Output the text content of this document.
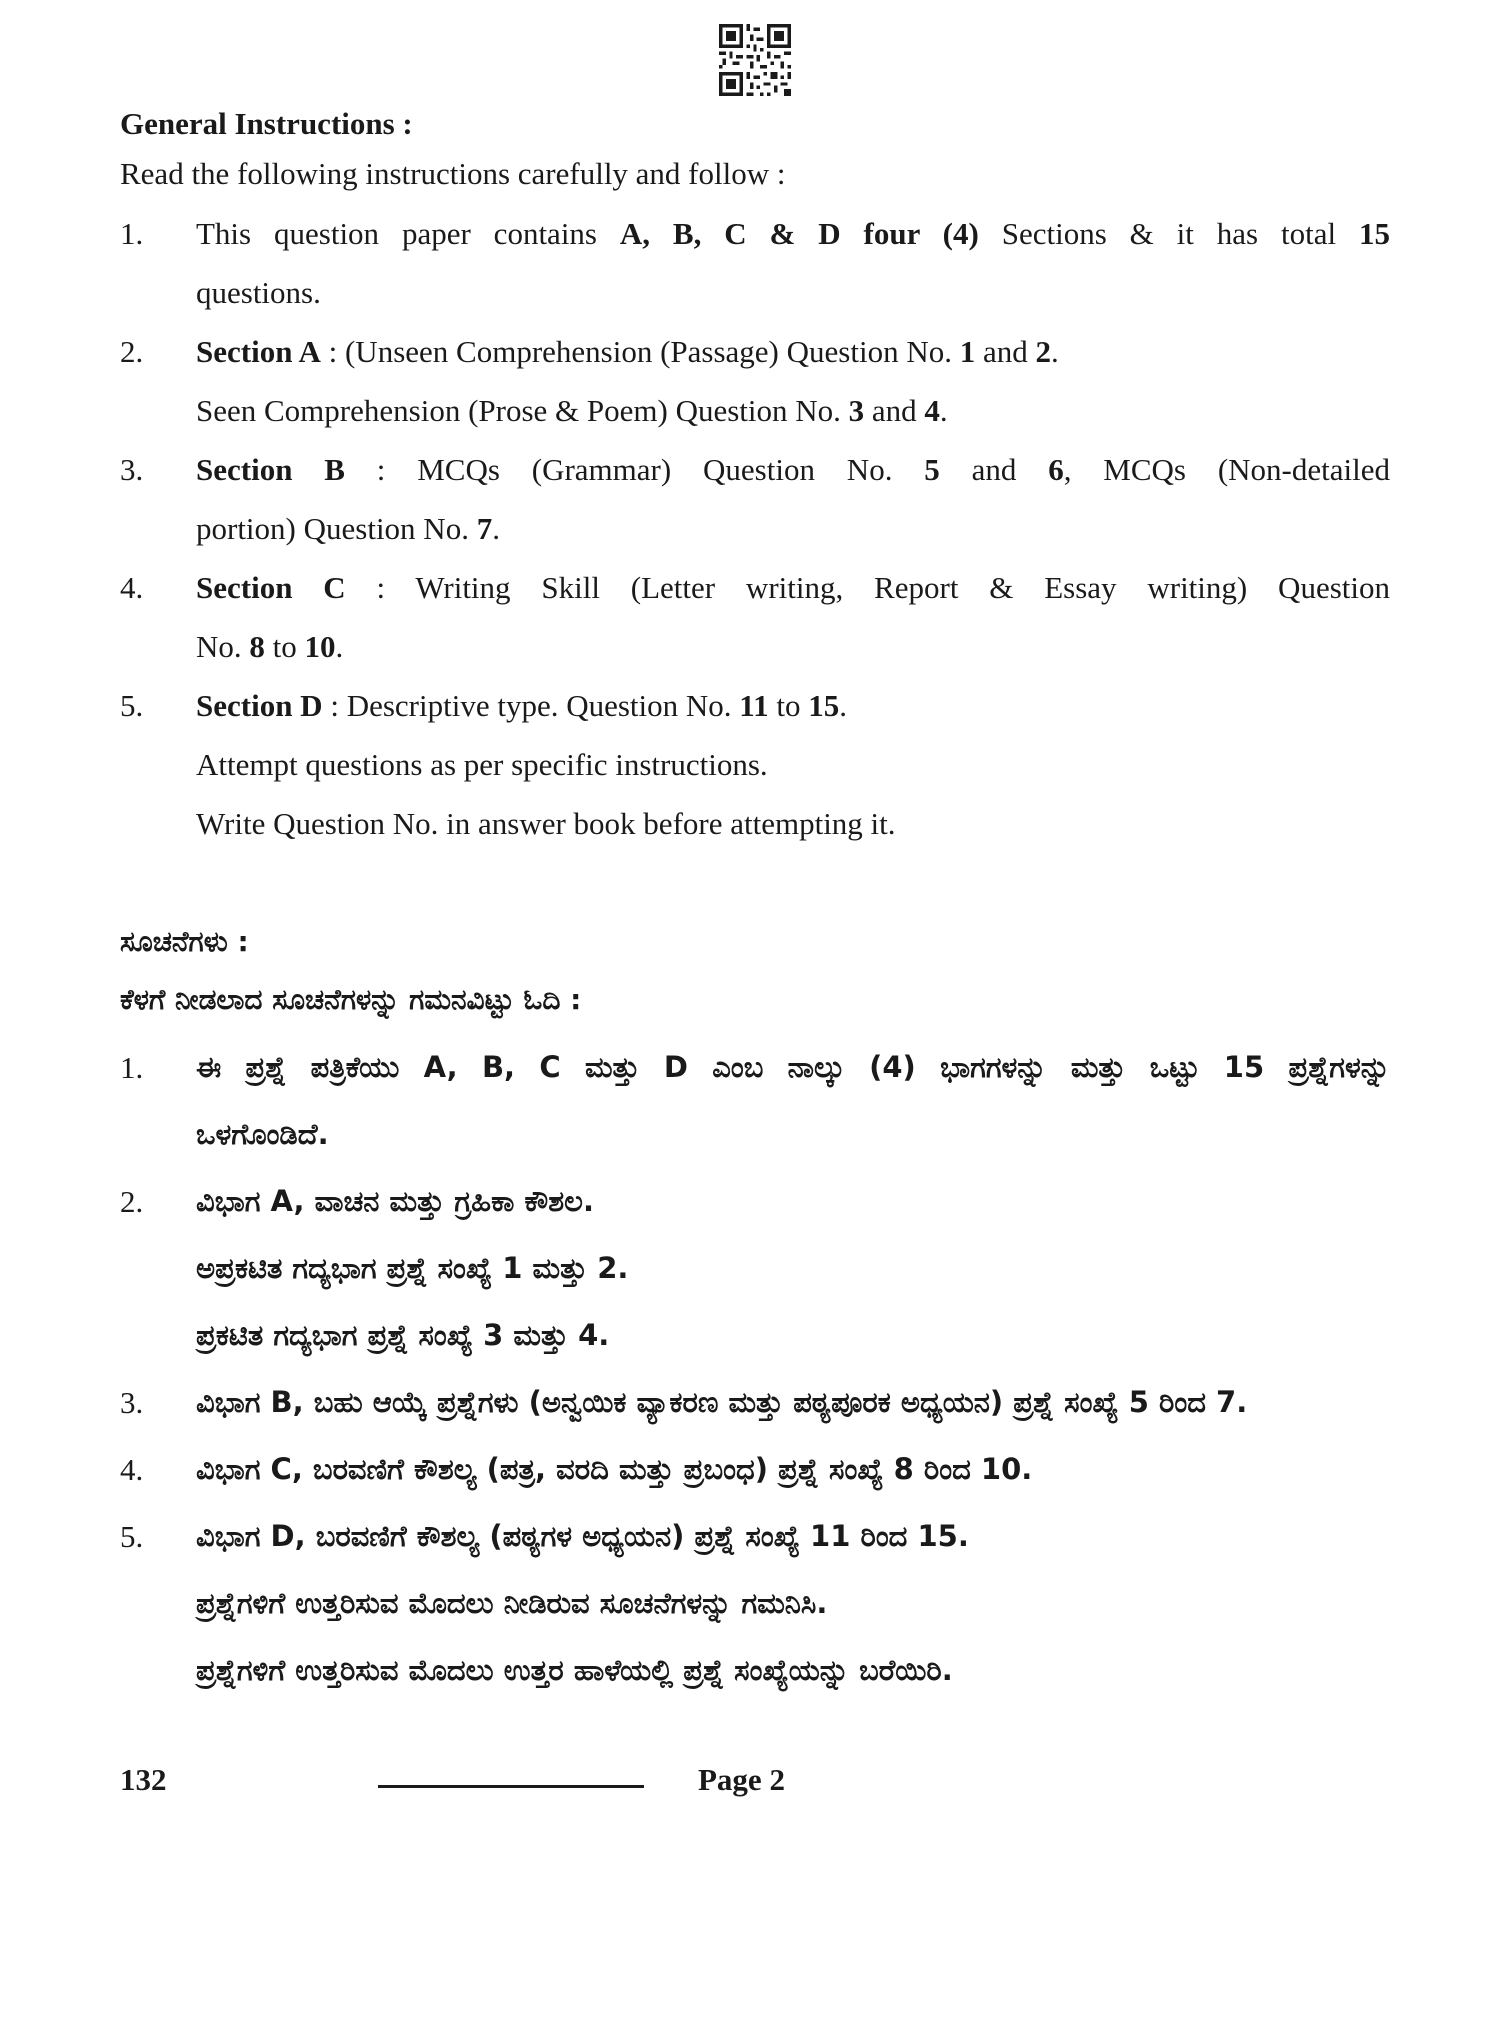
General Instructions :
Read the following instructions carefully and follow :
1. This question paper contains A, B, C & D four (4) Sections & it has total 15
questions.
2. Section A : (Unseen Comprehension (Passage) Question No. 1 and 2.
Seen Comprehension (Prose & Poem) Question No. 3 and 4.
3. Section B : MCQs (Grammar) Question No. 5 and 6, MCQs (Non-detailed
portion) Question No. 7.
4. Section C : Writing Skill (Letter writing, Report & Essay writing) Question
No. 8 to 10.
5. Section D : Descriptive type. Question No. 11 to 15.
Attempt questions as per specific instructions.
Write Question No. in answer book before attempting it.
ಸೂಚನೆಗಳು :
ಕೆಳಗೆ ನೀಡಲಾದ ಸೂಚನೆಗಳನ್ನು ಗಮನವಿಟ್ಟು ಓದಿ :
1. ಈ ಪ್ರಶ್ನೆ ಪತ್ರಿಕೆಯು A, B, C ಮತ್ತು D ಎಂಬ ನಾಲ್ಕು (4) ಭಾಗಗಳನ್ನು ಮತ್ತು ಒಟ್ಟು 15 ಪ್ರಶ್ನೆಗಳನ್ನು
ಒಳಗೊಂಡಿದೆ.
2. ವಿಭಾಗ A, ವಾಚನ ಮತ್ತು ಗ್ರಹಿಕಾ ಕೌಶಲ.
ಅಪ್ರಕಟಿತ ಗದ್ಯಭಾಗ ಪ್ರಶ್ನೆ ಸಂಖ್ಯೆ 1 ಮತ್ತು 2.
ಪ್ರಕಟಿತ ಗದ್ಯಭಾಗ ಪ್ರಶ್ನೆ ಸಂಖ್ಯೆ 3 ಮತ್ತು 4.
3. ವಿಭಾಗ B, ಬಹು ಆಯ್ಕೆ ಪ್ರಶ್ನೆಗಳು (ಅನ್ವಯಿಕ ವ್ಯಾಕರಣ ಮತ್ತು ಪಠ್ಯಪೂರಕ ಅಧ್ಯಯನ) ಪ್ರಶ್ನೆ ಸಂಖ್ಯೆ 5 ರಿಂದ 7.
4. ವಿಭಾಗ C, ಬರವಣಿಗೆ ಕೌಶಲ್ಯ (ಪತ್ರ, ವರದಿ ಮತ್ತು ಪ್ರಬಂಧ) ಪ್ರಶ್ನೆ ಸಂಖ್ಯೆ 8 ರಿಂದ 10.
5. ವಿಭಾಗ D, ಬರವಣಿಗೆ ಕೌಶಲ್ಯ (ಪಠ್ಯಗಳ ಅಧ್ಯಯನ) ಪ್ರಶ್ನೆ ಸಂಖ್ಯೆ 11 ರಿಂದ 15.
ಪ್ರಶ್ನೆಗಳಿಗೆ ಉತ್ತರಿಸುವ ಮೊದಲು ನೀಡಿರುವ ಸೂಚನೆಗಳನ್ನು ಗಮನಿಸಿ.
ಪ್ರಶ್ನೆಗಳಿಗೆ ಉತ್ತರಿಸುವ ಮೊದಲು ಉತ್ತರ ಹಾಳೆಯಲ್ಲಿ ಪ್ರಶ್ನೆ ಸಂಖ್ಯೆಯನ್ನು ಬರೆಯಿರಿ.
132	Page 2
